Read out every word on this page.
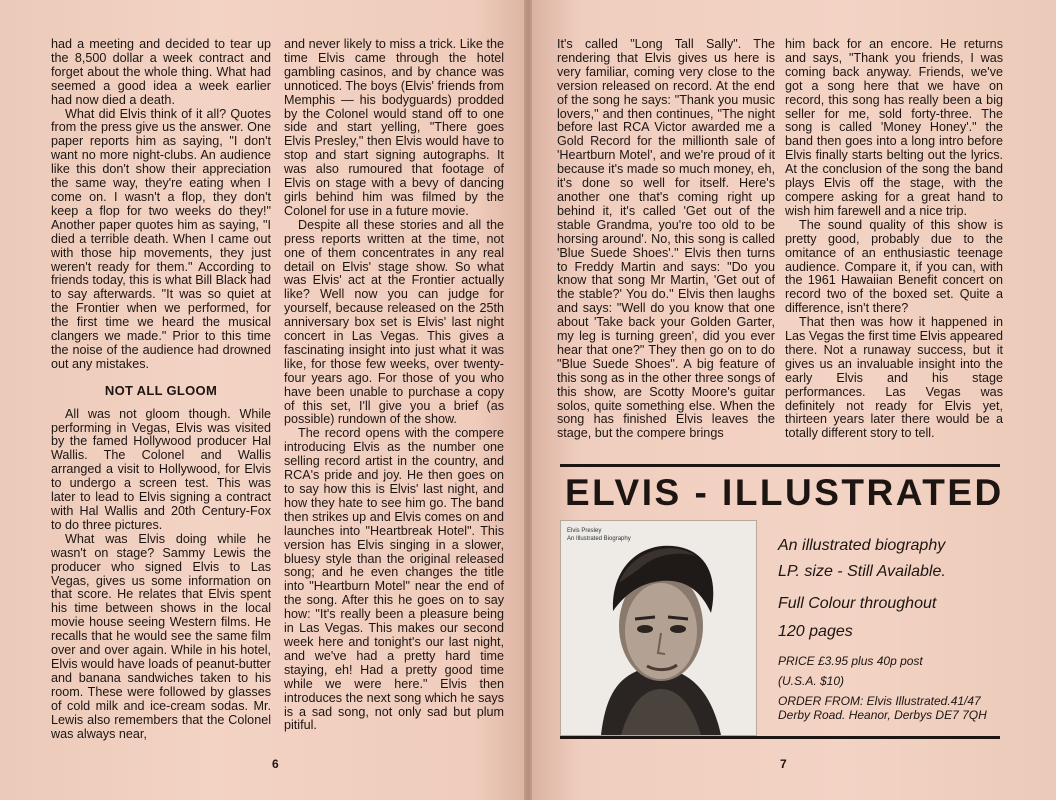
had a meeting and decided to tear up the 8,500 dollar a week contract and forget about the whole thing. What had seemed a good idea a week earlier had now died a death.

What did Elvis think of it all? Quotes from the press give us the answer. One paper reports him as saying, "I don't want no more night-clubs. An audience like this don't show their appreciation the same way, they're eating when I come on. I wasn't a flop, they don't keep a flop for two weeks do they!" Another paper quotes him as saying, "I died a terrible death. When I came out with those hip movements, they just weren't ready for them." According to friends today, this is what Bill Black had to say afterwards. "It was so quiet at the Frontier when we performed, for the first time we heard the musical clangers we made." Prior to this time the noise of the audience had drowned out any mistakes.

NOT ALL GLOOM

All was not gloom though. While performing in Vegas, Elvis was visited by the famed Hollywood producer Hal Wallis. The Colonel and Wallis arranged a visit to Hollywood, for Elvis to undergo a screen test. This was later to lead to Elvis signing a contract with Hal Wallis and 20th Century-Fox to do three pictures.

What was Elvis doing while he wasn't on stage? Sammy Lewis the producer who signed Elvis to Las Vegas, gives us some information on that score. He relates that Elvis spent his time between shows in the local movie house seeing Western films. He recalls that he would see the same film over and over again. While in his hotel, Elvis would have loads of peanut-butter and banana sandwiches taken to his room. These were followed by glasses of cold milk and ice-cream sodas. Mr. Lewis also remembers that the Colonel was always near,

and never likely to miss a trick. Like the time Elvis came through the hotel gambling casinos, and by chance was unnoticed. The boys (Elvis' friends from Memphis — his bodyguards) prodded by the Colonel would stand off to one side and start yelling, "There goes Elvis Presley," then Elvis would have to stop and start signing autographs. It was also rumoured that footage of Elvis on stage with a bevy of dancing girls behind him was filmed by the Colonel for use in a future movie.

Despite all these stories and all the press reports written at the time, not one of them concentrates in any real detail on Elvis' stage show. So what was Elvis' act at the Frontier actually like? Well now you can judge for yourself, because released on the 25th anniversary box set is Elvis' last night concert in Las Vegas. This gives a fascinating insight into just what it was like, for those few weeks, over twenty-four years ago. For those of you who have been unable to purchase a copy of this set, I'll give you a brief (as possible) rundown of the show.

The record opens with the compere introducing Elvis as the number one selling record artist in the country, and RCA's pride and joy. He then goes on to say how this is Elvis' last night, and how they hate to see him go. The band then strikes up and Elvis comes on and launches into "Heartbreak Hotel". This version has Elvis singing in a slower, bluesy style than the original released song; and he even changes the title into "Heartburn Motel" near the end of the song. After this he goes on to say how: "It's really been a pleasure being in Las Vegas. This makes our second week here and tonight's our last night, and we've had a pretty hard time staying, eh! Had a pretty good time while we were here." Elvis then introduces the next song which he says is a sad song, not only sad but plum pitiful.

6

It's called "Long Tall Sally". The rendering that Elvis gives us here is very familiar, coming very close to the version released on record. At the end of the song he says: "Thank you music lovers," and then continues, "The night before last RCA Victor awarded me a Gold Record for the millionth sale of 'Heartburn Motel', and we're proud of it because it's made so much money, eh, it's done so well for itself. Here's another one that's coming right up behind it, it's called 'Get out of the stable Grandma, you're too old to be horsing around'. No, this song is called 'Blue Suede Shoes'." Elvis then turns to Freddy Martin and says: "Do you know that song Mr Martin, 'Get out of the stable?' You do." Elvis then laughs and says: "Well do you know that one about 'Take back your Golden Garter, my leg is turning green', did you ever hear that one?" They then go on to do "Blue Suede Shoes". A big feature of this song as in the other three songs of this show, are Scotty Moore's guitar solos, quite something else. When the song has finished Elvis leaves the stage, but the compere brings

him back for an encore. He returns and says, "Thank you friends, I was coming back anyway. Friends, we've got a song here that we have on record, this song has really been a big seller for me, sold forty-three. The song is called 'Money Honey'." the band then goes into a long intro before Elvis finally starts belting out the lyrics. At the conclusion of the song the band plays Elvis off the stage, with the compere asking for a great hand to wish him farewell and a nice trip.

The sound quality of this show is pretty good, probably due to the omitance of an enthusiastic teenage audience. Compare it, if you can, with the 1961 Hawaiian Benefit concert on record two of the boxed set. Quite a difference, isn't there?

That then was how it happened in Las Vegas the first time Elvis appeared there. Not a runaway success, but it gives us an invaluable insight into the early Elvis and his stage performances. Las Vegas was definitely not ready for Elvis yet, thirteen years later there would be a totally different story to tell.

ELVIS - ILLUSTRATED
Elvis Presley
An Illustrated Biography	An illustrated biography
LP. size - Still Available.
Full Colour throughout
120 pages
PRICE £3.95 plus 40p post
(U.S.A. $10)
ORDER FROM: Elvis Illustrated.41/47
Derby Road. Heanor, Derbys DE7 7QH
7
